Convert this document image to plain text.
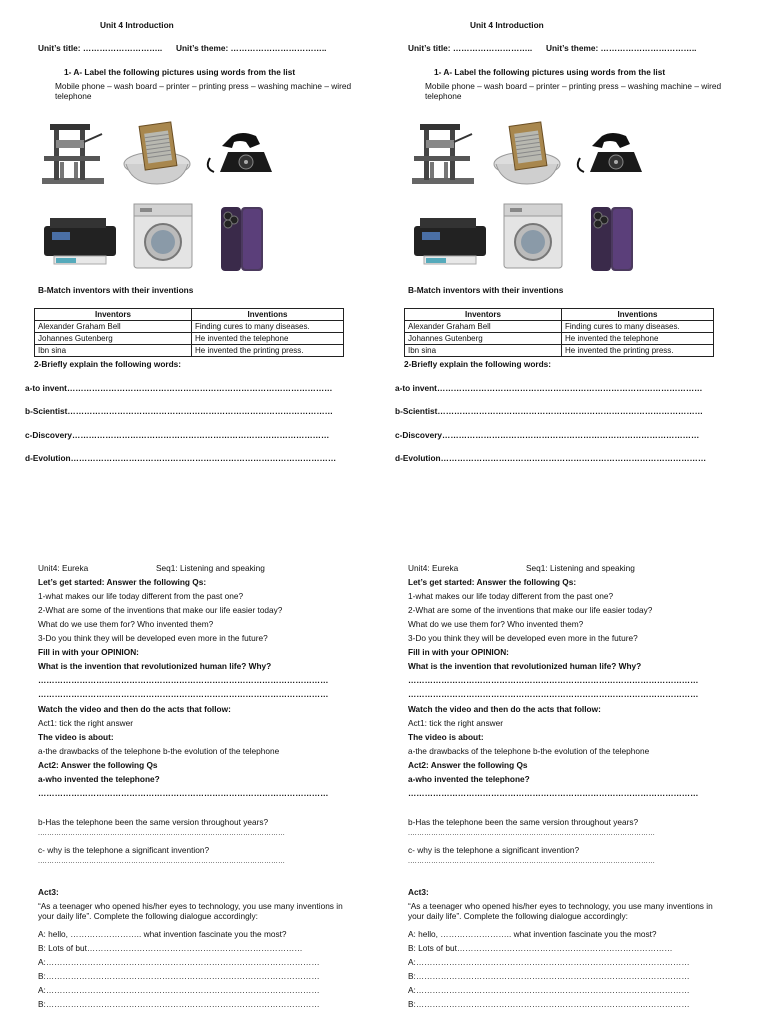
Unit 4 Introduction
Unit’s title: ……………………….. Unit’s theme: ……………………………..
1- A- Label the following pictures using words from the list
Mobile phone – wash board – printer – printing press – washing machine – wired telephone
B-Match inventors with their inventions
Inventors	Inventions
Alexander Graham Bell	Finding cures to many diseases.
Johannes Gutenberg	He invented the telephone
Ibn sina	He invented the printing press.
2-Briefly explain the following words:
a-to invent……………………………………………………………………………………
b-Scientist……………………………………………………………………………………
c-Discovery…………………………………………………………………………………
d-Evolution……………………………………………………………………………………
Unit4: Eureka	Seq1: Listening and speaking
Let’s get started: Answer the following Qs:
1-what makes our life today different from the past one?
2-What are some of the inventions that make our life easier today?
What do we use them for? Who invented them?
3-Do you think they will be developed even more in the future?
Fill in with your OPINION:
What is the invention that revolutionized human life? Why?
……………………………………………………………………………………………
……………………………………………………………………………………………
Watch the video and then do the acts that follow:
Act1: tick the right answer
The video is about:
a-the drawbacks of the telephone b-the evolution of the telephone
Act2: Answer the following Qs
a-who invented the telephone?
……………………………………………………………………………………………
b-Has the telephone been the same version throughout years?
.……………………………………………………………………………………………
c- why is the telephone a significant invention?
.……………………………………………………………………………………………
Act3:
“As a teenager who opened his/her eyes to technology, you use many inventions in your daily life”. Complete the following dialogue accordingly:
A: hello, …………………….. what invention fascinate you the most?
B: Lots of but……………………………………………………………………
A:………………………………………………………………………………………
B:………………………………………………………………………………………
A:………………………………………………………………………………………
B:………………………………………………………………………………………
Unit 4 Introduction
Unit’s title: ……………………….. Unit’s theme: ……………………………..
1- A- Label the following pictures using words from the list
Mobile phone – wash board – printer – printing press – washing machine – wired telephone
B-Match inventors with their inventions
Inventors	Inventions
Alexander Graham Bell	Finding cures to many diseases.
Johannes Gutenberg	He invented the telephone
Ibn sina	He invented the printing press.
2-Briefly explain the following words:
a-to invent……………………………………………………………………………………
b-Scientist……………………………………………………………………………………
c-Discovery…………………………………………………………………………………
d-Evolution……………………………………………………………………………………
Unit4: Eureka	Seq1: Listening and speaking
Let’s get started: Answer the following Qs:
1-what makes our life today different from the past one?
2-What are some of the inventions that make our life easier today?
What do we use them for? Who invented them?
3-Do you think they will be developed even more in the future?
Fill in with your OPINION:
What is the invention that revolutionized human life? Why?
……………………………………………………………………………………………
……………………………………………………………………………………………
Watch the video and then do the acts that follow:
Act1: tick the right answer
The video is about:
a-the drawbacks of the telephone b-the evolution of the telephone
Act2: Answer the following Qs
a-who invented the telephone?
……………………………………………………………………………………………
b-Has the telephone been the same version throughout years?
.……………………………………………………………………………………………
c- why is the telephone a significant invention?
.……………………………………………………………………………………………
Act3:
“As a teenager who opened his/her eyes to technology, you use many inventions in your daily life”. Complete the following dialogue accordingly:
A: hello, …………………….. what invention fascinate you the most?
B: Lots of but……………………………………………………………………
A:………………………………………………………………………………………
B:………………………………………………………………………………………
A:………………………………………………………………………………………
B:………………………………………………………………………………………
